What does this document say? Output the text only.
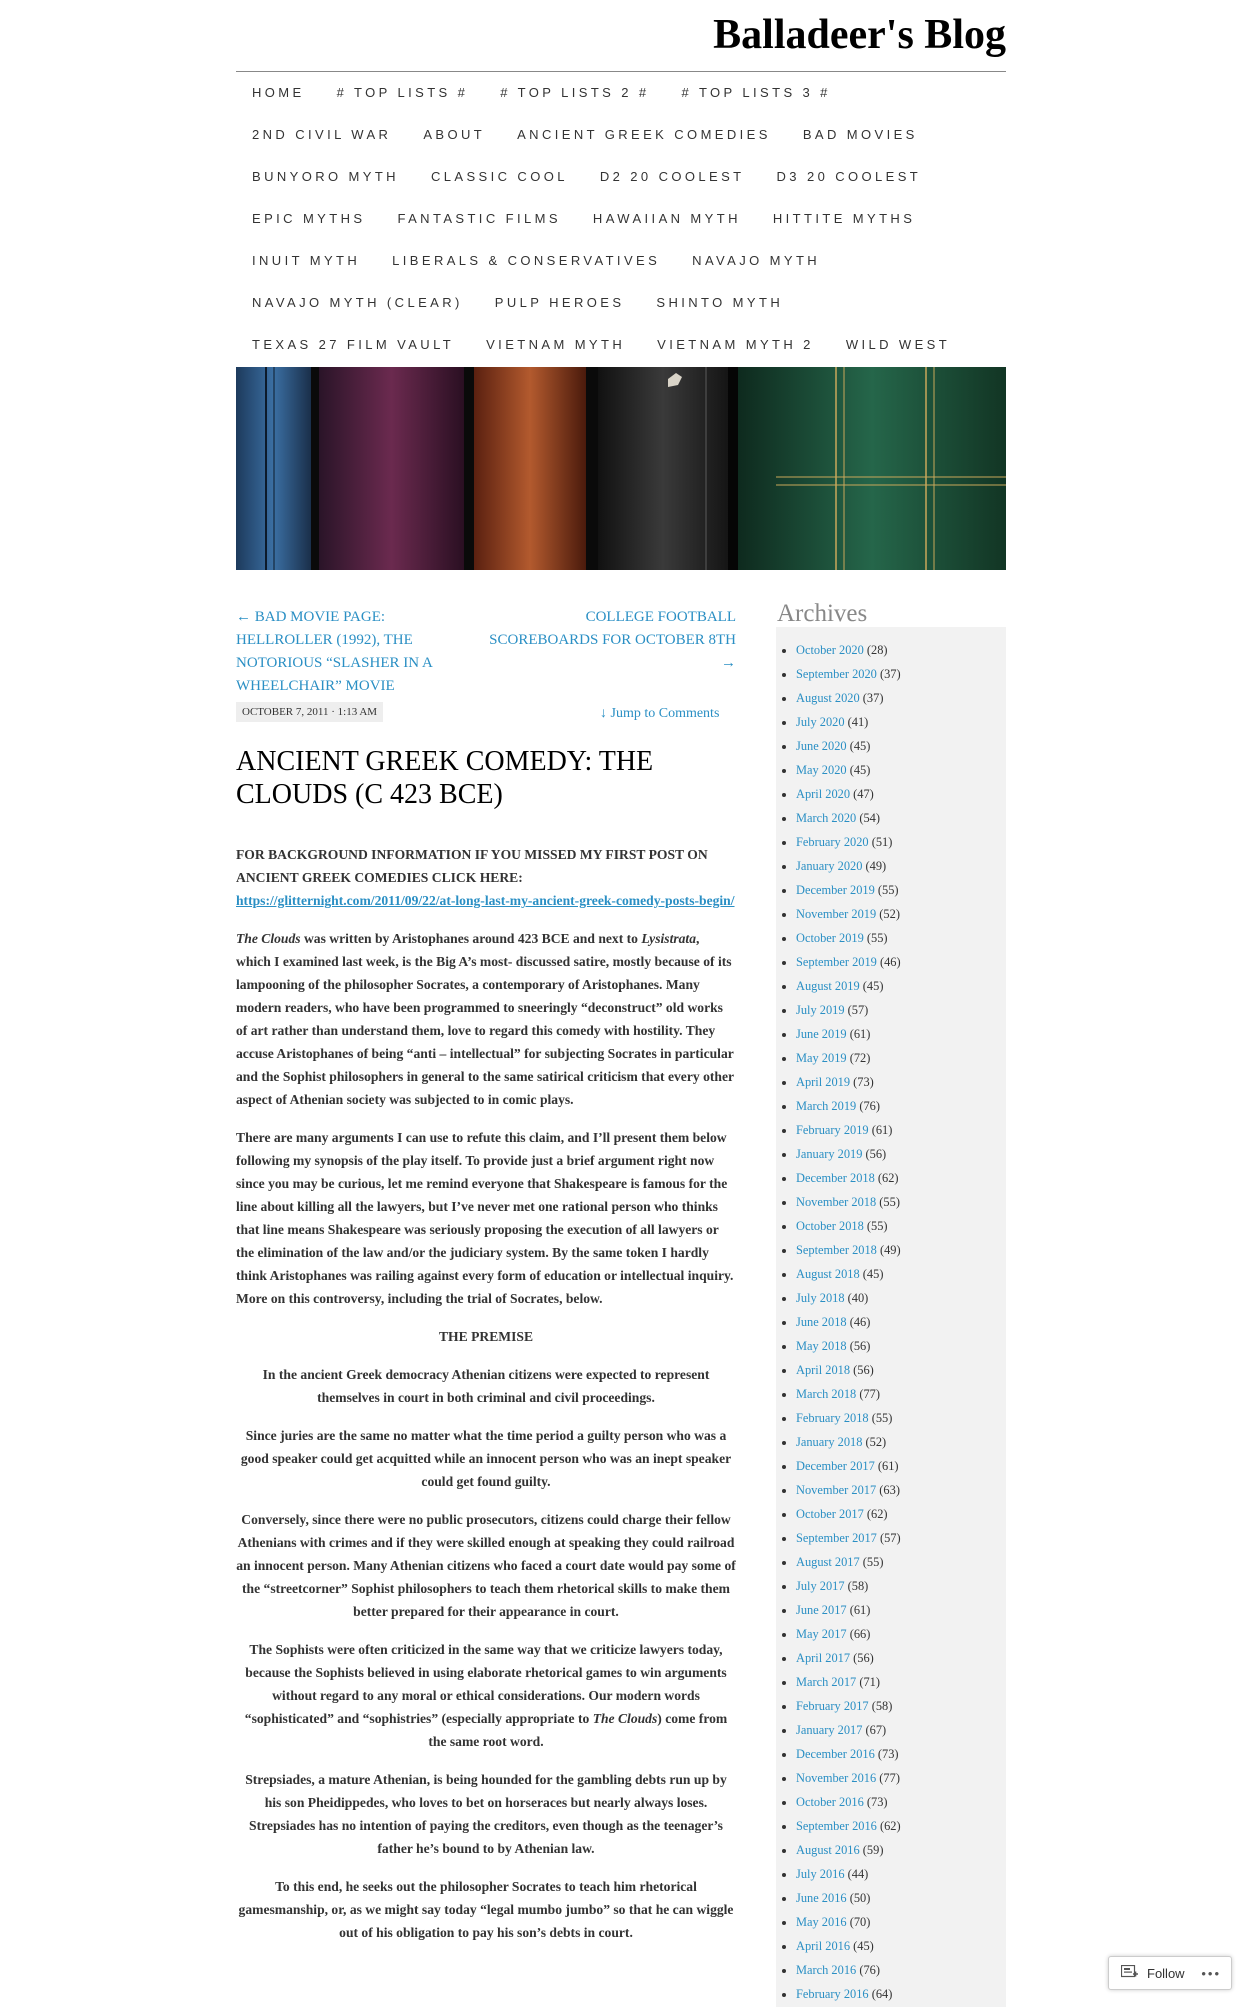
Balladeer's Blog
HOME	# TOP LISTS #	# TOP LISTS 2 #	# TOP LISTS 3 #
2ND CIVIL WAR	ABOUT	ANCIENT GREEK COMEDIES	BAD MOVIES
BUNYORO MYTH	CLASSIC COOL	D2 20 COOLEST	D3 20 COOLEST
EPIC MYTHS	FANTASTIC FILMS	HAWAIIAN MYTH	HITTITE MYTHS
INUIT MYTH	LIBERALS & CONSERVATIVES	NAVAJO MYTH
NAVAJO MYTH (CLEAR)	PULP HEROES	SHINTO MYTH
TEXAS 27 FILM VAULT	VIETNAM MYTH	VIETNAM MYTH 2	WILD WEST
← BAD MOVIE PAGE: HELLROLLER (1992), THE NOTORIOUS “SLASHER IN A WHEELCHAIR” MOVIE
COLLEGE FOOTBALL SCOREBOARDS FOR OCTOBER 8TH →
OCTOBER 7, 2011 · 1:13 AM	↓ Jump to Comments
ANCIENT GREEK COMEDY: THE CLOUDS (C 423 BCE)

FOR BACKGROUND INFORMATION IF YOU MISSED MY FIRST POST ON ANCIENT GREEK COMEDIES CLICK HERE: https://glitternight.com/2011/09/22/at-long-last-my-ancient-greek-comedy-posts-begin/

The Clouds was written by Aristophanes around 423 BCE and next to Lysistrata, which I examined last week, is the Big A’s most- discussed satire, mostly because of its lampooning of the philosopher Socrates, a contemporary of Aristophanes. Many modern readers, who have been programmed to sneeringly “deconstruct” old works of art rather than understand them, love to regard this comedy with hostility. They accuse Aristophanes of being “anti – intellectual” for subjecting Socrates in particular and the Sophist philosophers in general to the same satirical criticism that every other aspect of Athenian society was subjected to in comic plays.

There are many arguments I can use to refute this claim, and I’ll present them below following my synopsis of the play itself. To provide just a brief argument right now since you may be curious, let me remind everyone that Shakespeare is famous for the line about killing all the lawyers, but I’ve never met one rational person who thinks that line means Shakespeare was seriously proposing the execution of all lawyers or the elimination of the law and/or the judiciary system. By the same token I hardly think Aristophanes was railing against every form of education or intellectual inquiry. More on this controversy, including the trial of Socrates, below.

THE PREMISE

In the ancient Greek democracy Athenian citizens were expected to represent themselves in court in both criminal and civil proceedings.

Since juries are the same no matter what the time period a guilty person who was a good speaker could get acquitted while an innocent person who was an inept speaker could get found guilty.

Conversely, since there were no public prosecutors, citizens could charge their fellow Athenians with crimes and if they were skilled enough at speaking they could railroad an innocent person. Many Athenian citizens who faced a court date would pay some of the “streetcorner” Sophist philosophers to teach them rhetorical skills to make them better prepared for their appearance in court.

The Sophists were often criticized in the same way that we criticize lawyers today, because the Sophists believed in using elaborate rhetorical games to win arguments without regard to any moral or ethical considerations. Our modern words “sophisticated” and “sophistries” (especially appropriate to The Clouds) come from the same root word.

Strepsiades, a mature Athenian, is being hounded for the gambling debts run up by his son Pheidippedes, who loves to bet on horseraces but nearly always loses. Strepsiades has no intention of paying the creditors, even though as the teenager’s father he’s bound to by Athenian law.

To this end, he seeks out the philosopher Socrates to teach him rhetorical gamesmanship, or, as we might say today “legal mumbo jumbo” so that he can wiggle out of his obligation to pay his son’s debts in court.

Archives
• October 2020 (28)
• September 2020 (37)
• August 2020 (37)
• July 2020 (41)
• June 2020 (45)
• May 2020 (45)
• April 2020 (47)
• March 2020 (54)
• February 2020 (51)
• January 2020 (49)
• December 2019 (55)
• November 2019 (52)
• October 2019 (55)
• September 2019 (46)
• August 2019 (45)
• July 2019 (57)
• June 2019 (61)
• May 2019 (72)
• April 2019 (73)
• March 2019 (76)
• February 2019 (61)
• January 2019 (56)
• December 2018 (62)
• November 2018 (55)
• October 2018 (55)
• September 2018 (49)
• August 2018 (45)
• July 2018 (40)
• June 2018 (46)
• May 2018 (56)
• April 2018 (56)
• March 2018 (77)
• February 2018 (55)
• January 2018 (52)
• December 2017 (61)
• November 2017 (63)
• October 2017 (62)
• September 2017 (57)
• August 2017 (55)
• July 2017 (58)
• June 2017 (61)
• May 2017 (66)
• April 2017 (56)
• March 2017 (71)
• February 2017 (58)
• January 2017 (67)
• December 2016 (73)
• November 2016 (77)
• October 2016 (73)
• September 2016 (62)
• August 2016 (59)
• July 2016 (44)
• June 2016 (50)
• May 2016 (70)
• April 2016 (45)
• March 2016 (76)
• February 2016 (64)
Follow •••
